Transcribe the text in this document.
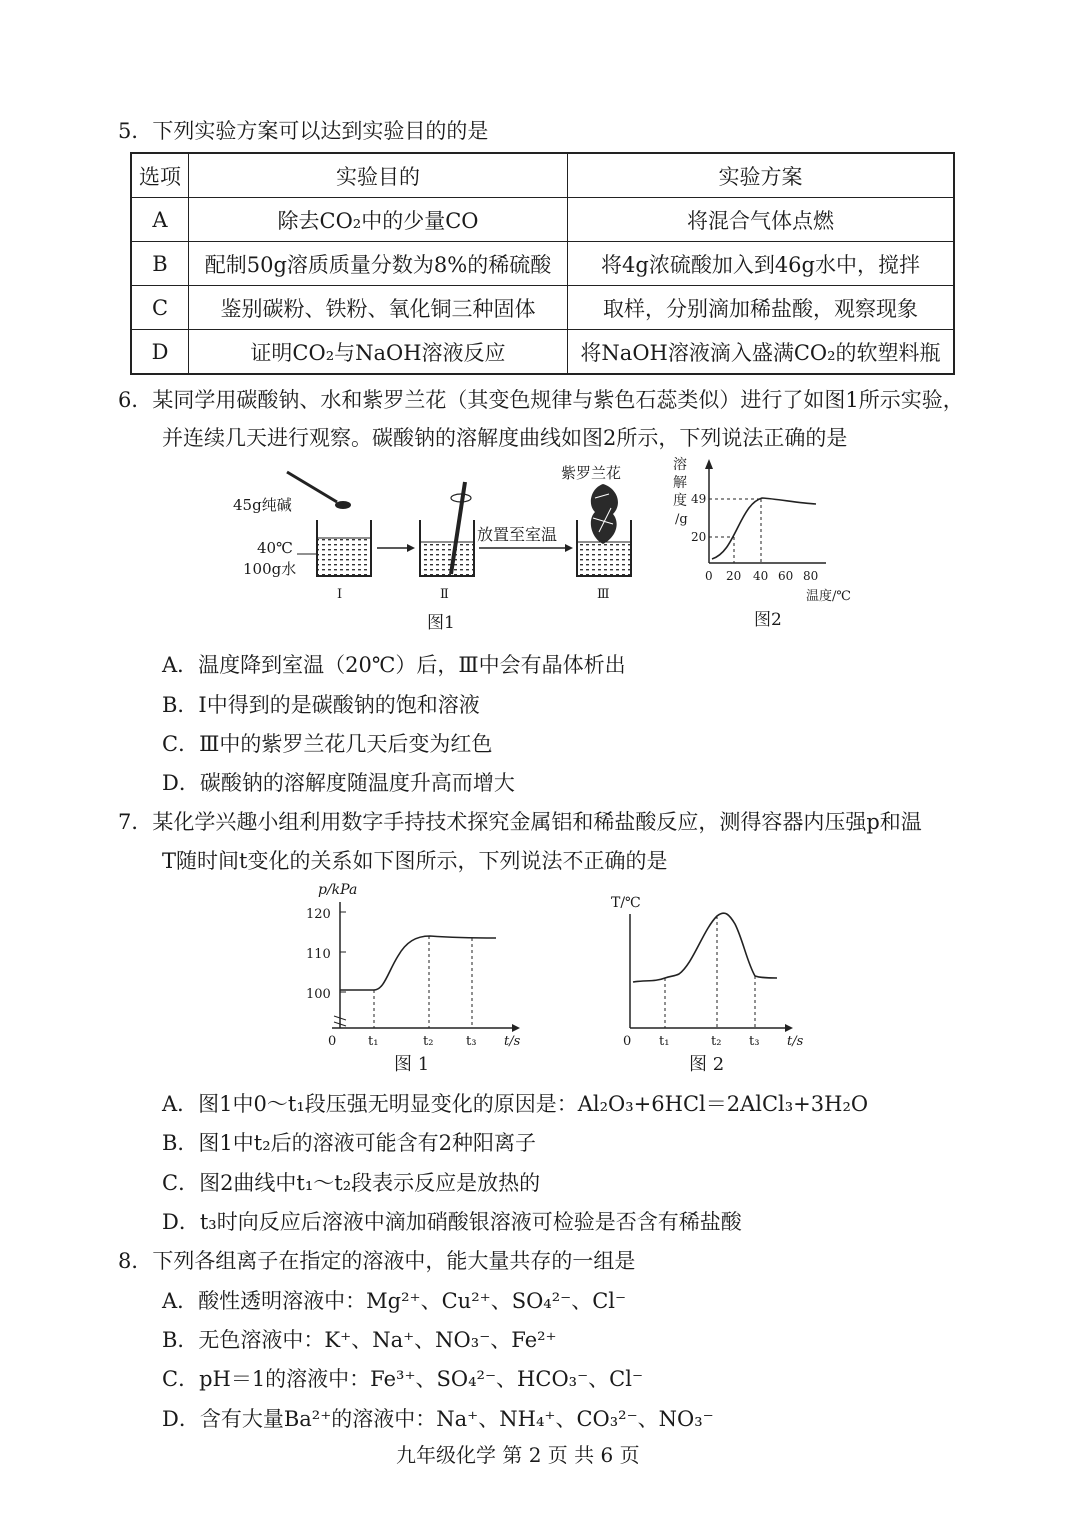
5．下列实验方案可以达到实验目的的是
选项	实验目的	实验方案
A	除去CO₂中的少量CO	将混合气体点燃
B	配制50g溶质质量分数为8%的稀硫酸	将4g浓硫酸加入到46g水中，搅拌
C	鉴别碳粉、铁粉、氧化铜三种固体	取样，分别滴加稀盐酸，观察现象
D	证明CO₂与NaOH溶液反应	将NaOH溶液滴入盛满CO₂的软塑料瓶
6．某同学用碳酸钠、水和紫罗兰花（其变色规律与紫色石蕊类似）进行了如图1所示实验，
并连续几天进行观察。碳酸钠的溶解度曲线如图2所示，下列说法正确的是
45g纯碱
40℃
100g水
Ⅰ	Ⅱ
放置至室温
紫罗兰花
Ⅲ
图1
溶
解
度
/g
49
20
0 20 40 60 80
温度/℃
图2
A．温度降到室温（20℃）后，Ⅲ中会有晶体析出
B．Ⅰ中得到的是碳酸钠的饱和溶液
C．Ⅲ中的紫罗兰花几天后变为红色
D．碳酸钠的溶解度随温度升高而增大
7．某化学兴趣小组利用数字手持技术探究金属铝和稀盐酸反应，测得容器内压强p和温
T随时间t变化的关系如下图所示，下列说法不正确的是
p/kPa
120
110
100
0 t₁	t₂	t₃ t/s
图 1
T/℃
0 t₁	t₂ t₃ t/s
图 2
A．图1中0～t₁段压强无明显变化的原因是：Al₂O₃+6HCl＝2AlCl₃+3H₂O
B．图1中t₂后的溶液可能含有2种阳离子
C．图2曲线中t₁～t₂段表示反应是放热的
D．t₃时向反应后溶液中滴加硝酸银溶液可检验是否含有稀盐酸
8．下列各组离子在指定的溶液中，能大量共存的一组是
A．酸性透明溶液中：Mg²⁺、Cu²⁺、SO₄²⁻、Cl⁻
B．无色溶液中：K⁺、Na⁺、NO₃⁻、Fe²⁺
C．pH＝1的溶液中：Fe³⁺、SO₄²⁻、HCO₃⁻、Cl⁻
D．含有大量Ba²⁺的溶液中：Na⁺、NH₄⁺、CO₃²⁻、NO₃⁻
九年级化学 第 2 页 共 6 页
